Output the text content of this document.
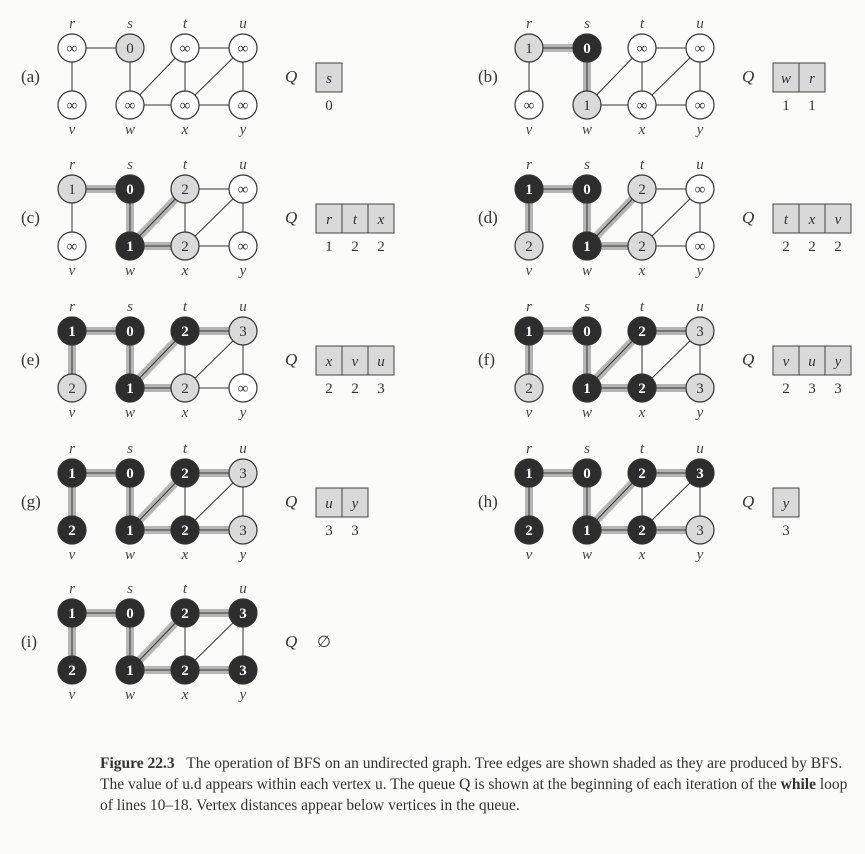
(a)
∞
r
0
s
∞
t
∞
u
∞
v
∞
w
∞
x
∞
y
Q s
0
(b)
1
r
0
s
∞
t
∞
u
∞
v
1
w
∞
x
∞
y
Q w
1
r
1
(c)
1
r
0
s
2
t
∞
u
∞
v
1
w
2
x
∞
y
Q r
1
t
2
x
2
(d)
1
r
0
s
2
t
∞
u
2
v
1
w
2
x
∞
y
Q t
2
x
2
v
2
(e)
1
r
0
s
2
t
3
u
2
v
1
w
2
x
∞
y
Q x
2
v
2
u
3
(f)
1
r
0
s
2
t
3
u
2
v
1
w
2
x
3
y
Q v
2
u
3
y
3
(g)
1
r
0
s
2
t
3
u
2
v
1
w
2
x
3
y
Q u
3
y
3
(h)
1
r
0
s
2
t
3
u
2
v
1
w
2
x
3
y
Q y
3
(i)
1
r
0
s
2
t
3
u
2
v
1
w
2
x
3
y
Q ∅
Figure 22.3 The operation of BFS on an undirected graph. Tree edges are shown shaded as they are produced by BFS. The value of u.d appears within each vertex u. The queue Q is shown at the beginning of each iteration of the while loop of lines 10–18. Vertex distances appear below vertices in the queue.
